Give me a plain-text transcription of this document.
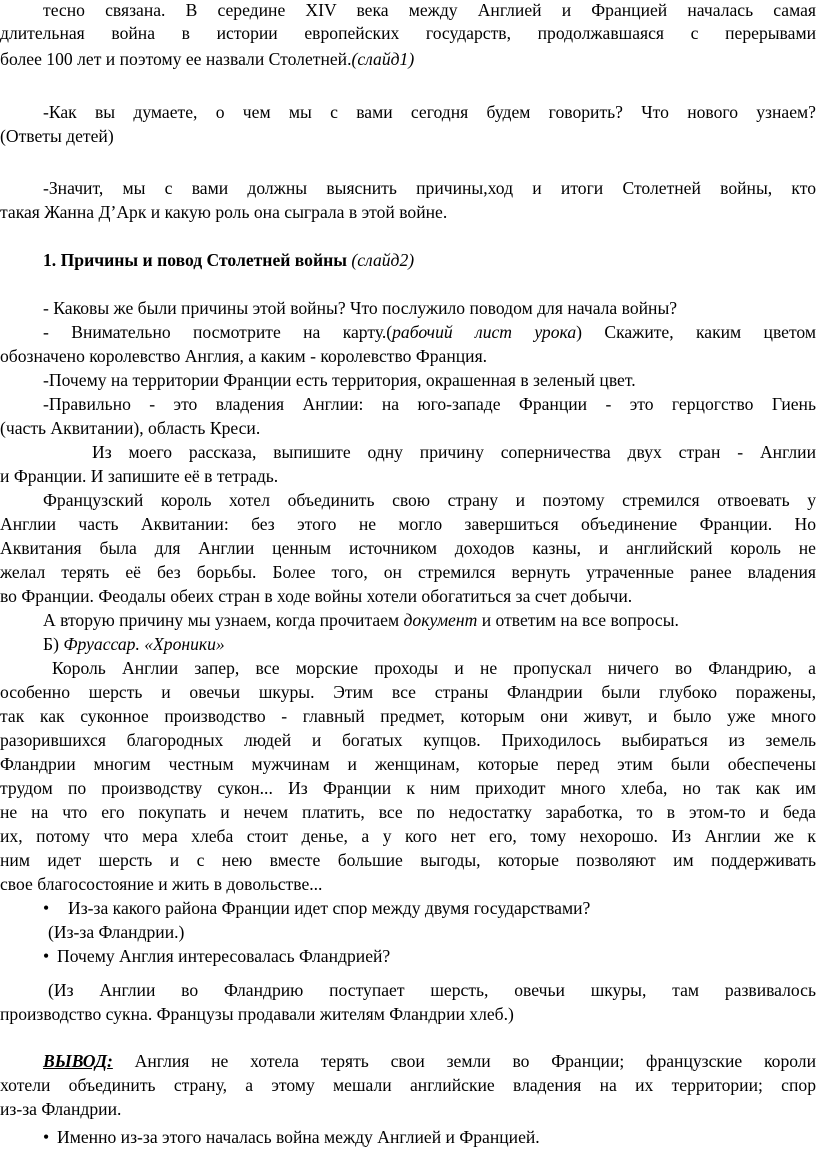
тесно связана. В середине XIV века между Англией и Францией началась самая
длительная война в истории европейских государств, продолжавшаяся с перерывами
более 100 лет и поэтому ее назвали Столетней.(слайд1)
-Как вы думаете, о чем мы с вами сегодня будем говорить? Что нового узнаем?
(Ответы детей)
-Значит, мы с вами должны выяснить причины,ход и итоги Столетней войны, кто
такая Жанна Д’Арк и какую роль она сыграла в этой войне.
1. Причины и повод Столетней войны (слайд2)
- Каковы же были причины этой войны? Что послужило поводом для начала войны?
- Внимательно посмотрите на карту.(рабочий лист урока) Скажите, каким цветом
обозначено королевство Англия, а каким - королевство Франция.
-Почему на территории Франции есть территория, окрашенная в зеленый цвет.
-Правильно - это владения Англии: на юго-западе Франции - это герцогство Гиень
(часть Аквитании), область Креси.
Из моего рассказа, выпишите одну причину соперничества двух стран - Англии
и Франции. И запишите её в тетрадь.
Французский король хотел объединить свою страну и поэтому стремился отвоевать у
Англии часть Аквитании: без этого не могло завершиться объединение Франции. Но
Аквитания была для Англии ценным источником доходов казны, и английский король не
желал терять её без борьбы. Более того, он стремился вернуть утраченные ранее владения
во Франции. Феодалы обеих стран в ходе войны хотели обогатиться за счет добычи.
А вторую причину мы узнаем, когда прочитаем документ и ответим на все вопросы.
Б) Фруассар. «Хроники»
Король Англии запер, все морские проходы и не пропускал ничего во Фландрию, а
особенно шерсть и овечьи шкуры. Этим все страны Фландрии были глубоко поражены,
так как суконное производство - главный предмет, которым они живут, и было уже много
разорившихся благородных людей и богатых купцов. Приходилось выбираться из земель
Фландрии многим честным мужчинам и женщинам, которые перед этим были обеспечены
трудом по производству сукон... Из Франции к ним приходит много хлеба, но так как им
не на что его покупать и нечем платить, все по недостатку заработка, то в этом-то и беда
их, потому что мера хлеба стоит денье, а у кого нет его, тому нехорошо. Из Англии же к
ним идет шерсть и с нею вместе большие выгоды, которые позволяют им поддерживать
свое благосостояние и жить в довольстве...
• Из-за какого района Франции идет спор между двумя государствами?
(Из-за Фландрии.)
• Почему Англия интересовалась Фландрией?
(Из Англии во Фландрию поступает шерсть, овечьи шкуры, там развивалось
производство сукна. Французы продавали жителям Фландрии хлеб.)
ВЫВОД: Англия не хотела терять свои земли во Франции; французские короли
хотели объединить страну, а этому мешали английские владения на их территории; спор
из-за Фландрии.
• Именно из-за этого началась война между Англией и Францией.
